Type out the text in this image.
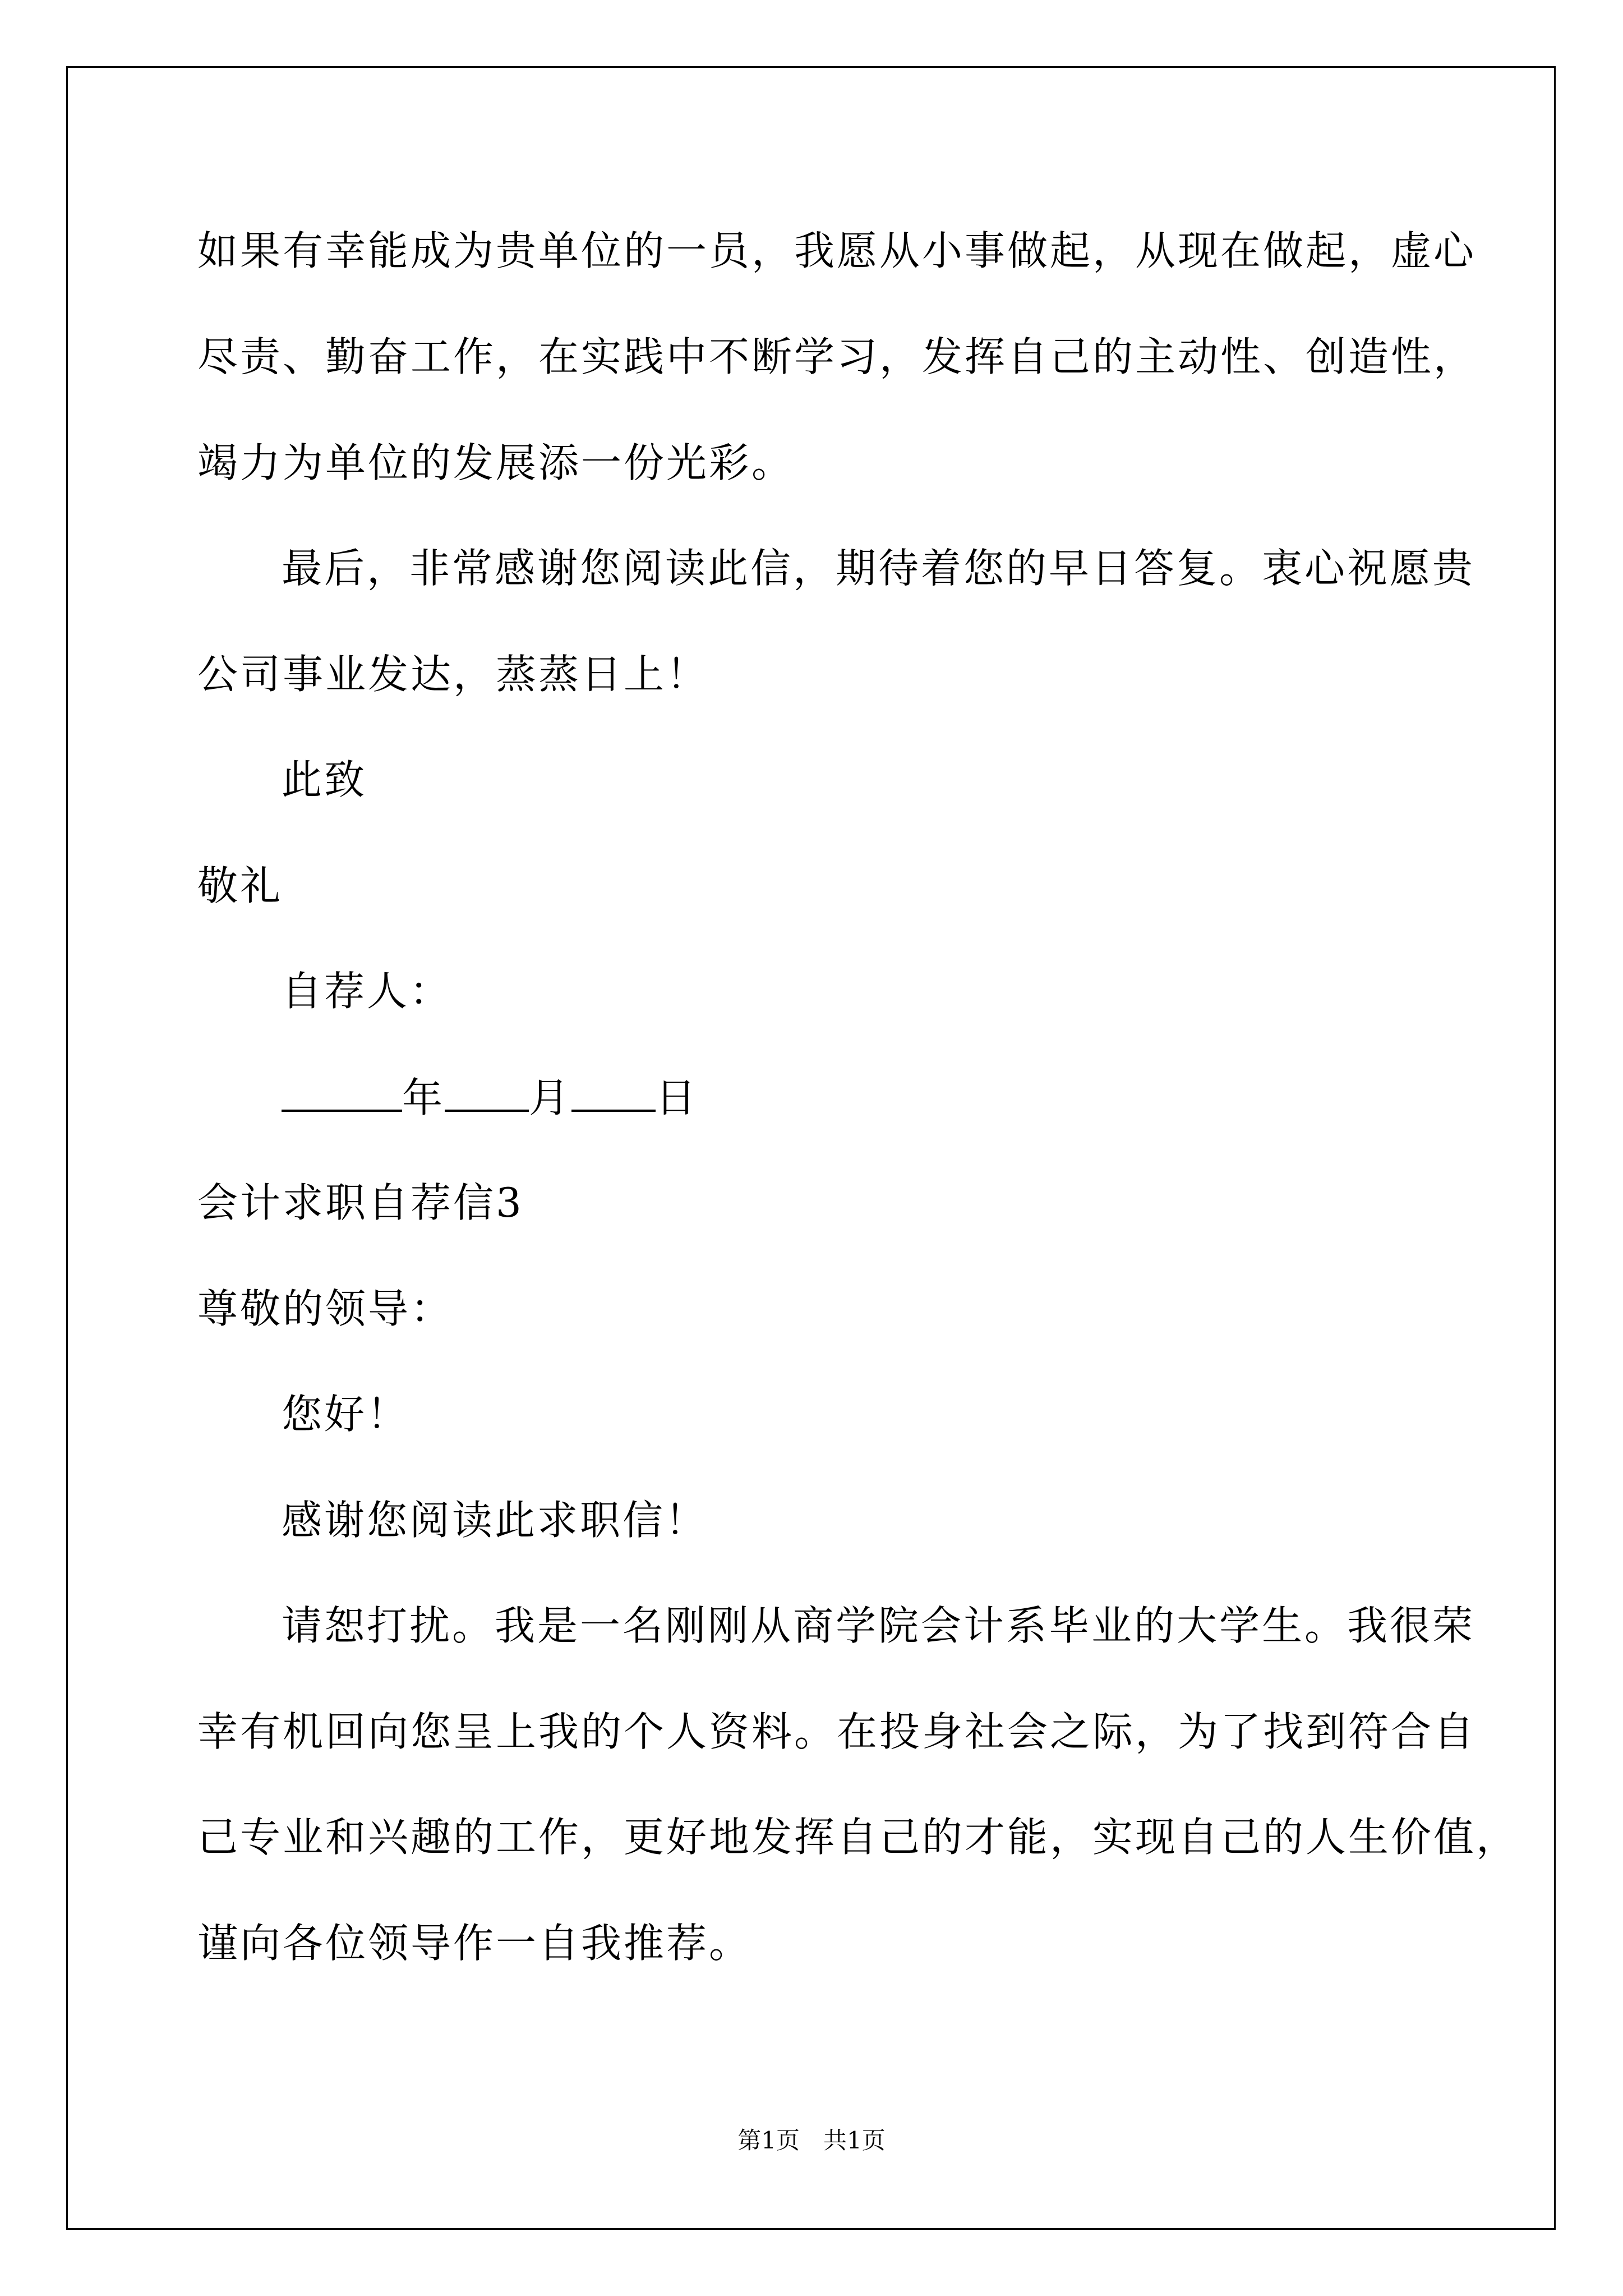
如果有幸能成为贵单位的一员，我愿从小事做起，从现在做起，虚心
尽责、勤奋工作，在实践中不断学习，发挥自己的主动性、创造性，
竭力为单位的发展添一份光彩。
最后，非常感谢您阅读此信，期待着您的早日答复。衷心祝愿贵
公司事业发达，蒸蒸日上！
此致
敬礼
自荐人：
年 月 日
会计求职自荐信3
尊敬的领导：
您好！
感谢您阅读此求职信！
请恕打扰。我是一名刚刚从商学院会计系毕业的大学生。我很荣
幸有机回向您呈上我的个人资料。在投身社会之际，为了找到符合自
己专业和兴趣的工作，更好地发挥自己的才能，实现自己的人生价值，
谨向各位领导作一自我推荐。
第1页　共1页
